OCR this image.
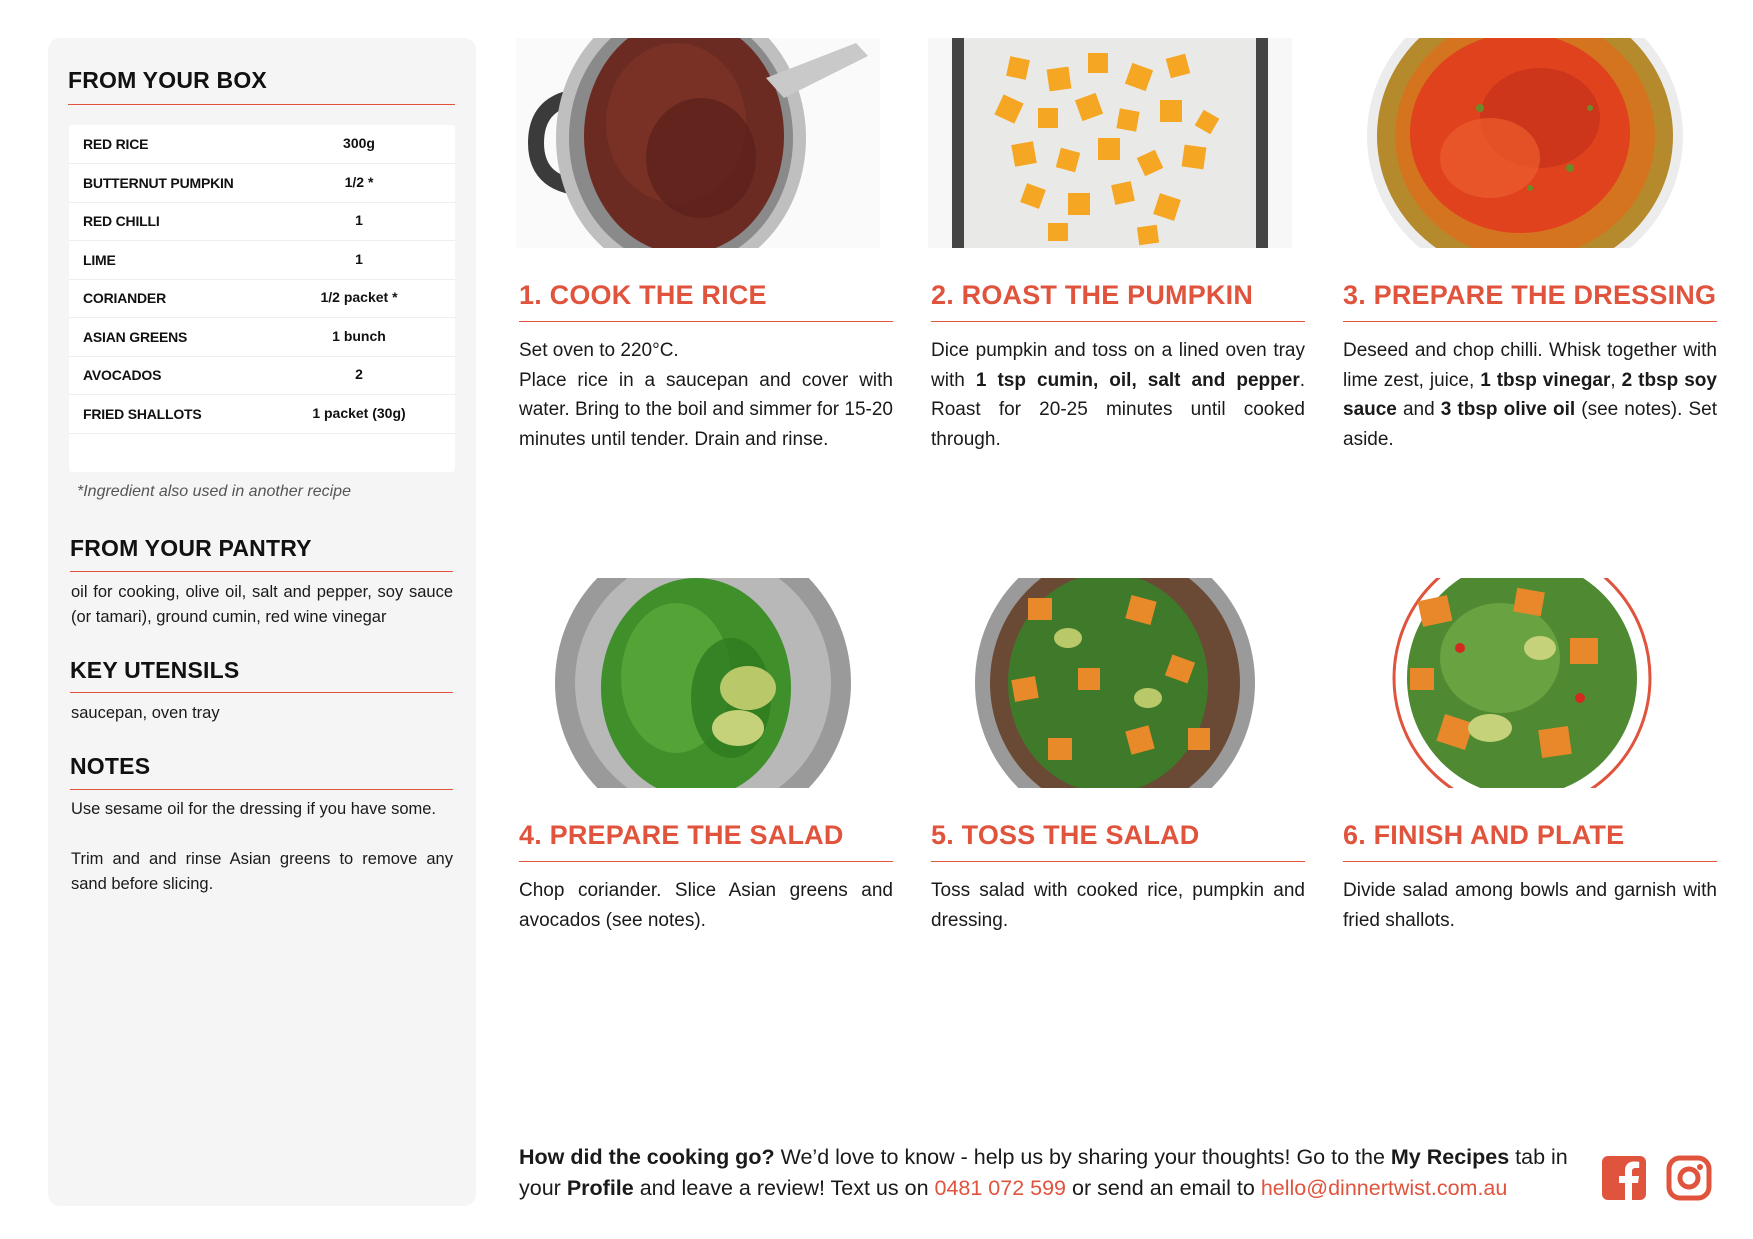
FROM YOUR BOX
RED RICE	300g
BUTTERNUT PUMPKIN	1/2 *
RED CHILLI	1
LIME	1
CORIANDER	1/2 packet *
ASIAN GREENS	1 bunch
AVOCADOS	2
FRIED SHALLOTS	1 packet (30g)
*Ingredient also used in another recipe
FROM YOUR PANTRY

oil for cooking, olive oil, salt and pepper, soy sauce (or tamari), ground cumin, red wine vinegar

KEY UTENSILS

saucepan, oven tray

NOTES

Use sesame oil for the dressing if you have some.

Trim and and rinse Asian greens to remove any sand before slicing.

1. COOK THE RICE

Set oven to 220°C.
Place rice in a saucepan and cover with water. Bring to the boil and simmer for 15-20 minutes until tender. Drain and rinse.

2. ROAST THE PUMPKIN

Dice pumpkin and toss on a lined oven tray with 1 tsp cumin, oil, salt and pepper. Roast for 20-25 minutes until cooked through.

3. PREPARE THE DRESSING

Deseed and chop chilli. Whisk together with lime zest, juice, 1 tbsp vinegar, 2 tbsp soy sauce and 3 tbsp olive oil (see notes). Set aside.

4. PREPARE THE SALAD

Chop coriander. Slice Asian greens and avocados (see notes).

5. TOSS THE SALAD

Toss salad with cooked rice, pumpkin and dressing.

6. FINISH AND PLATE

Divide salad among bowls and garnish with fried shallots.

How did the cooking go? We’d love to know - help us by sharing your thoughts! Go to the My Recipes tab in your Profile and leave a review! Text us on 0481 072 599 or send an email to hello@dinnertwist.com.au
